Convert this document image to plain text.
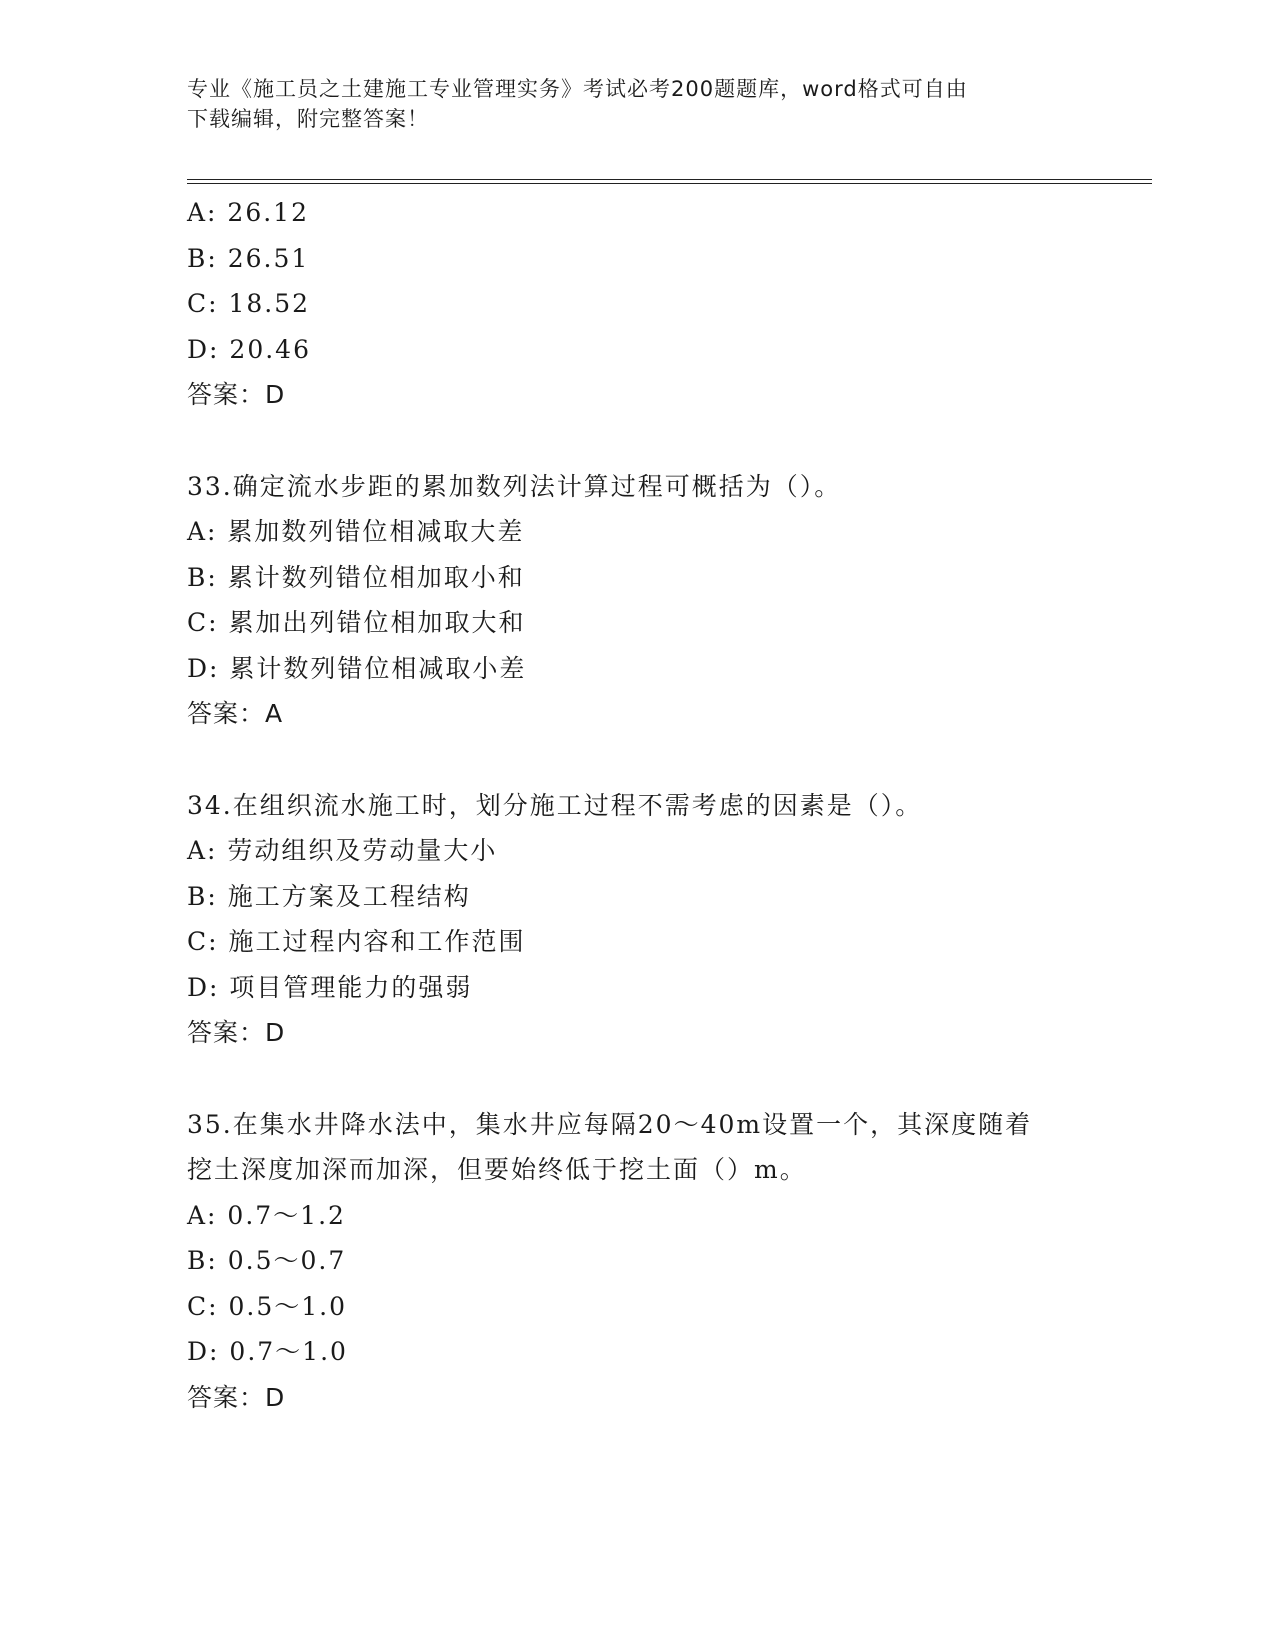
专业《施工员之土建施工专业管理实务》考试必考200题题库，word格式可自由
下载编辑，附完整答案！
A: 26.12
B: 26.51
C: 18.52
D: 20.46
答案：D
33.确定流水步距的累加数列法计算过程可概括为（）。
A: 累加数列错位相减取大差
B: 累计数列错位相加取小和
C: 累加出列错位相加取大和
D: 累计数列错位相减取小差
答案：A
34.在组织流水施工时，划分施工过程不需考虑的因素是（）。
A: 劳动组织及劳动量大小
B: 施工方案及工程结构
C: 施工过程内容和工作范围
D: 项目管理能力的强弱
答案：D
35.在集水井降水法中，集水井应每隔20～40m设置一个，其深度随着
挖土深度加深而加深，但要始终低于挖土面（）m。
A: 0.7～1.2
B: 0.5～0.7
C: 0.5～1.0
D: 0.7～1.0
答案：D
